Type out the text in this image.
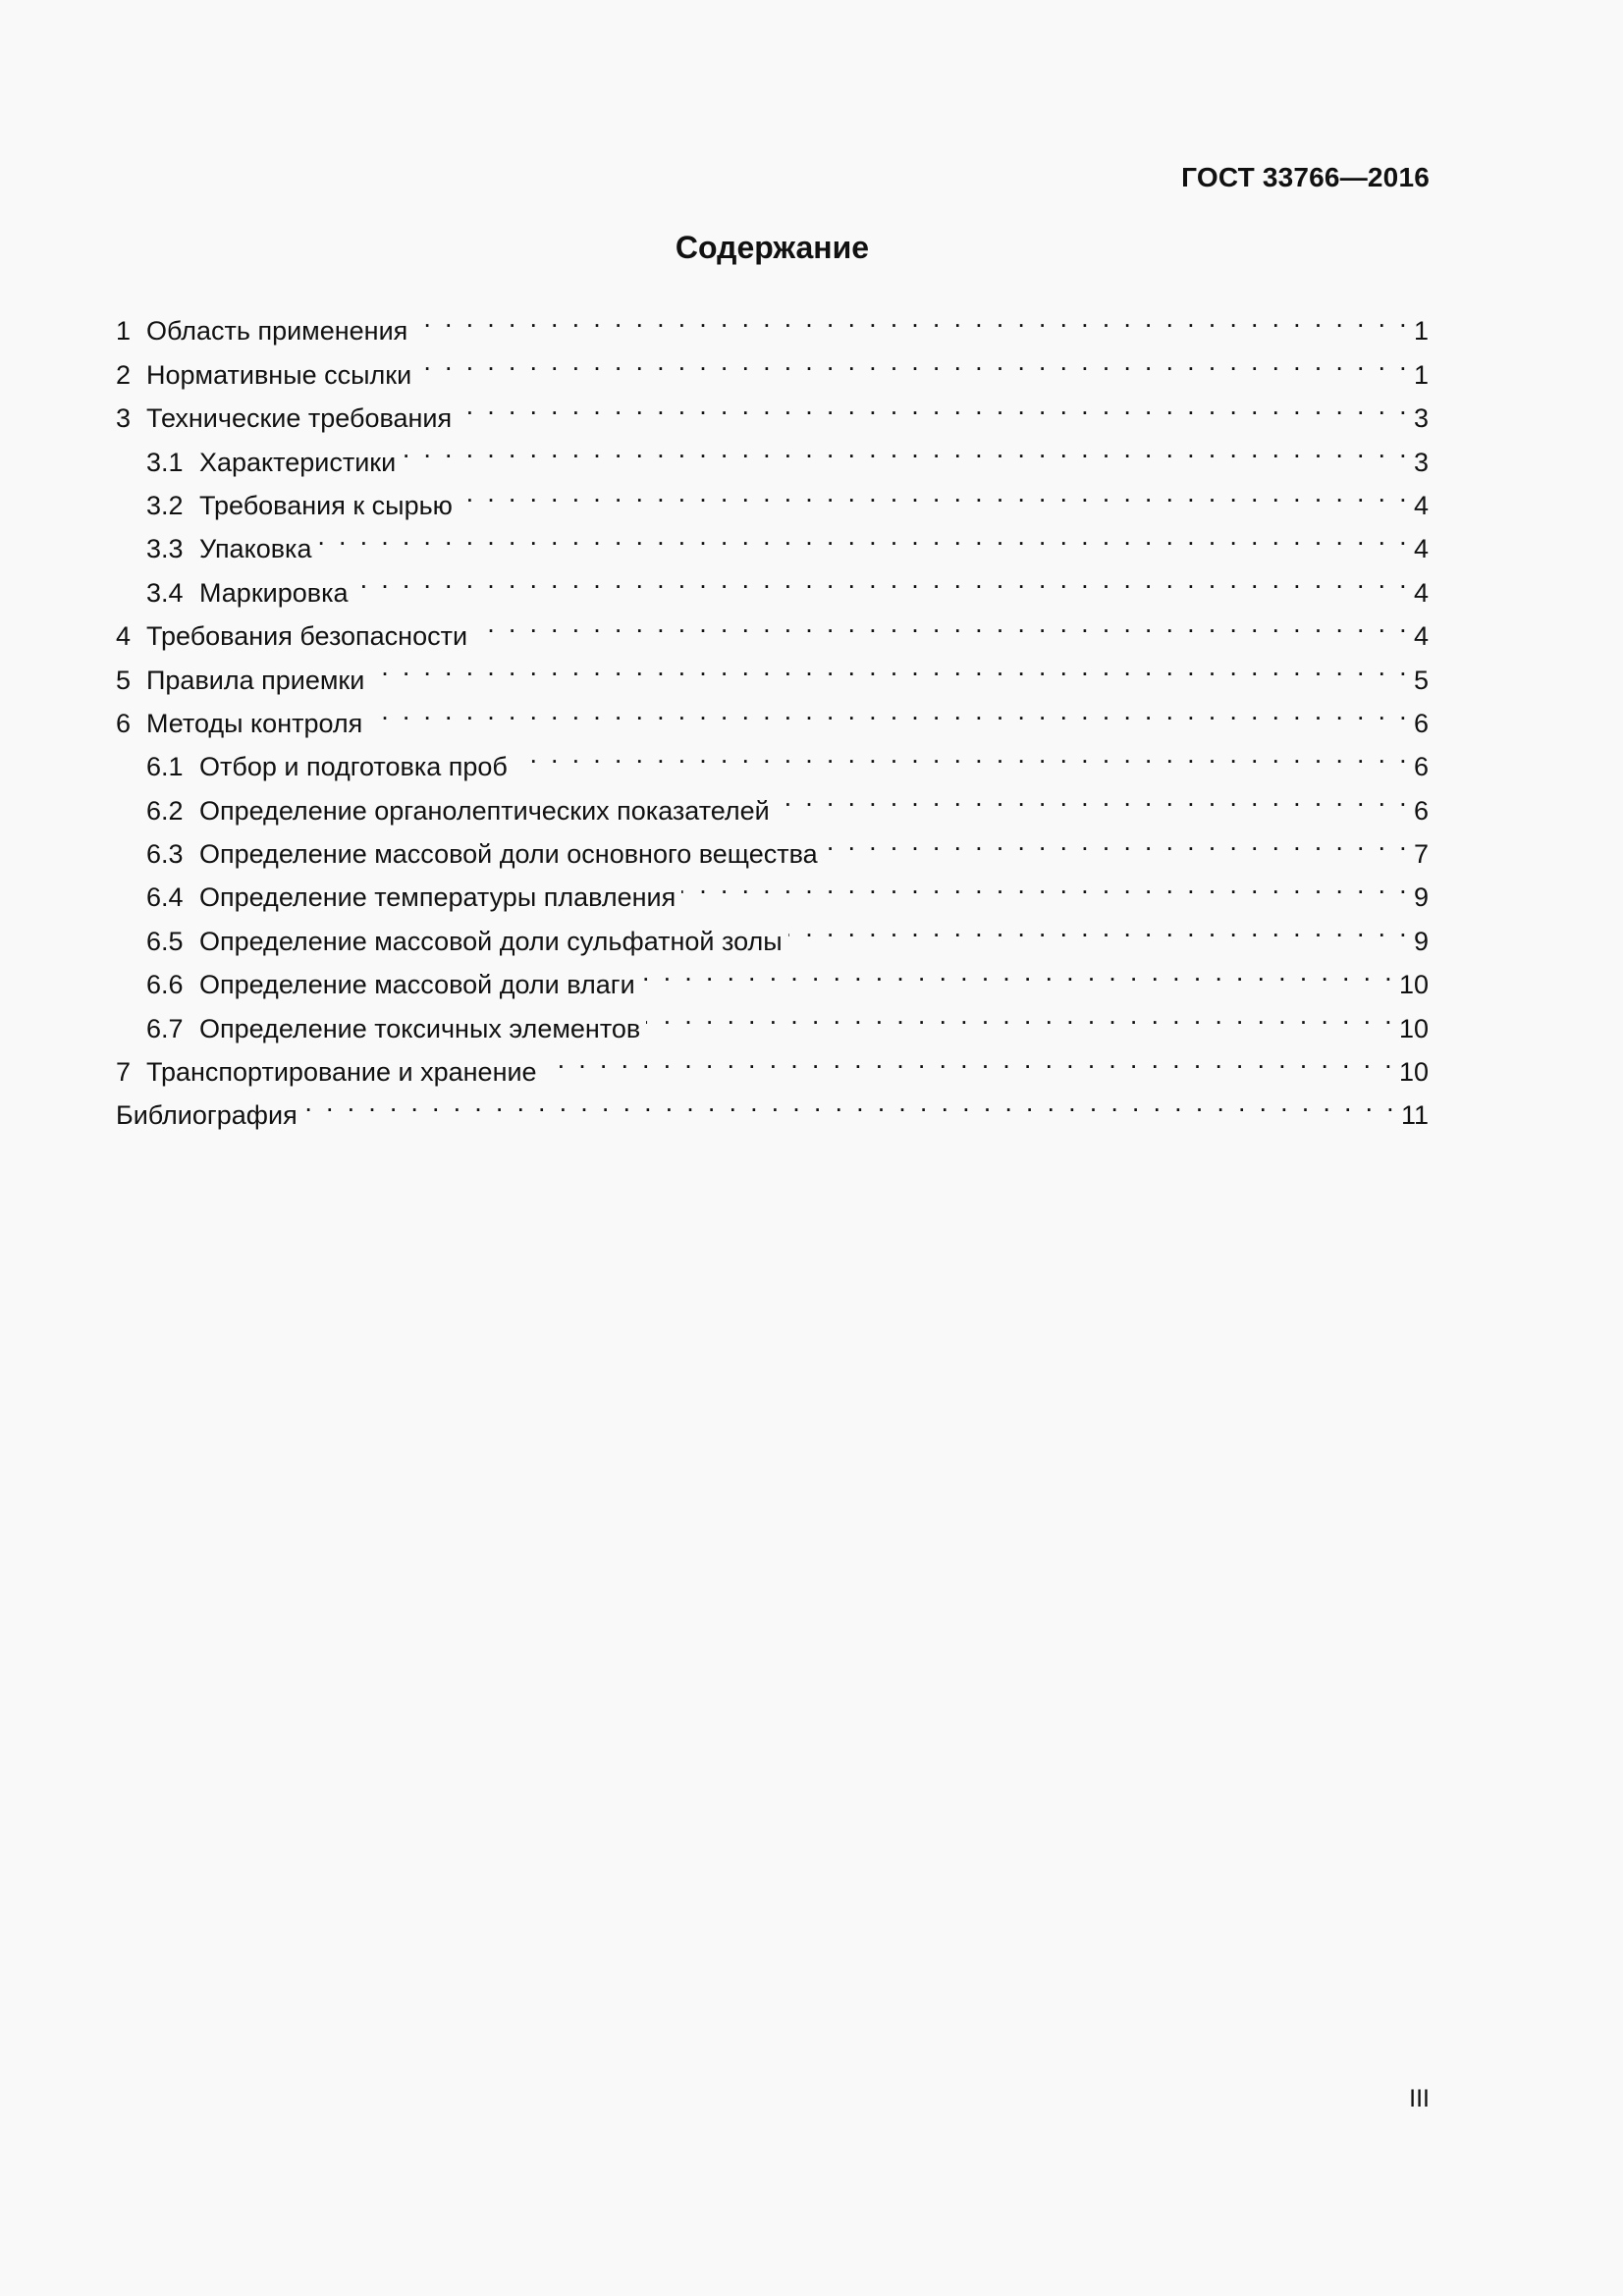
ГОСТ 33766—2016
Содержание
1 Область применения . . .	1
2 Нормативные ссылки . . .	1
3 Технические требования . . .	3
3.1 Характеристики . . .	3
3.2 Требования к сырью . . .	4
3.3 Упаковка . . .	4
3.4 Маркировка . . .	4
4 Требования безопасности . . .	4
5 Правила приемки . . .	5
6 Методы контроля . . .	6
6.1 Отбор и подготовка проб . . .	6
6.2 Определение органолептических показателей . . .	6
6.3 Определение массовой доли основного вещества . . .	7
6.4 Определение температуры плавления . . .	9
6.5 Определение массовой доли сульфатной золы . . .	9
6.6 Определение массовой доли влаги . . .	10
6.7 Определение токсичных элементов . . .	10
7 Транспортирование и хранение . . .	10
Библиография . . .	11
III
